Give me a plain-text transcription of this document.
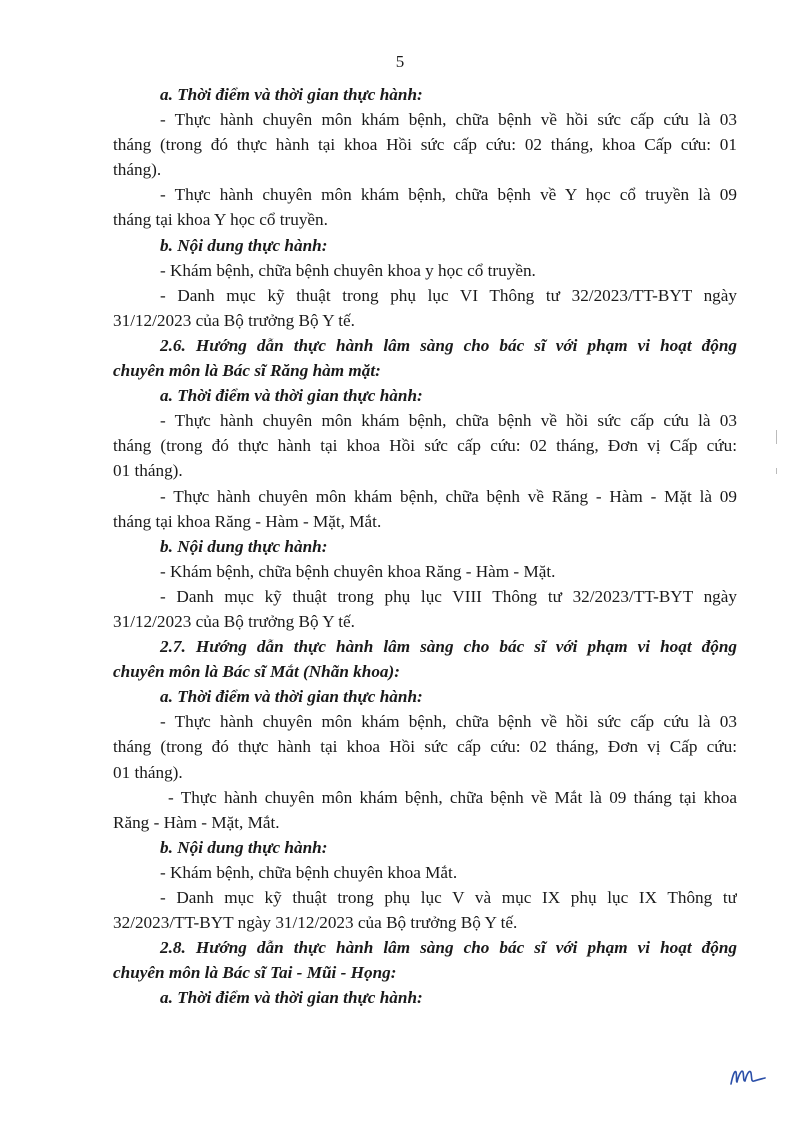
5
a. Thời điểm và thời gian thực hành:
- Thực hành chuyên môn khám bệnh, chữa bệnh về hồi sức cấp cứu là 03
tháng (trong đó thực hành tại khoa Hồi sức cấp cứu: 02 tháng, khoa Cấp cứu: 01
tháng).
- Thực hành chuyên môn khám bệnh, chữa bệnh về Y học cổ truyền là 09
tháng tại khoa Y học cổ truyền.
b. Nội dung thực hành:
- Khám bệnh, chữa bệnh chuyên khoa y học cổ truyền.
- Danh mục kỹ thuật trong phụ lục VI Thông tư 32/2023/TT-BYT ngày
31/12/2023 của Bộ trưởng Bộ Y tế.
2.6. Hướng dẫn thực hành lâm sàng cho bác sĩ với phạm vi hoạt động
chuyên môn là Bác sĩ Răng hàm mặt:
a. Thời điểm và thời gian thực hành:
- Thực hành chuyên môn khám bệnh, chữa bệnh về hồi sức cấp cứu là 03
tháng (trong đó thực hành tại khoa Hồi sức cấp cứu: 02 tháng, Đơn vị Cấp cứu:
01 tháng).
- Thực hành chuyên môn khám bệnh, chữa bệnh về Răng - Hàm - Mặt là 09
tháng tại khoa Răng - Hàm - Mặt, Mắt.
b. Nội dung thực hành:
- Khám bệnh, chữa bệnh chuyên khoa Răng - Hàm - Mặt.
- Danh mục kỹ thuật trong phụ lục VIII Thông tư 32/2023/TT-BYT ngày
31/12/2023 của Bộ trưởng Bộ Y tế.
2.7. Hướng dẫn thực hành lâm sàng cho bác sĩ với phạm vi hoạt động
chuyên môn là Bác sĩ Mắt (Nhãn khoa):
a. Thời điểm và thời gian thực hành:
- Thực hành chuyên môn khám bệnh, chữa bệnh về hồi sức cấp cứu là 03
tháng (trong đó thực hành tại khoa Hồi sức cấp cứu: 02 tháng, Đơn vị Cấp cứu:
01 tháng).
- Thực hành chuyên môn khám bệnh, chữa bệnh về Mắt là 09 tháng tại khoa
Răng - Hàm - Mặt, Mắt.
b. Nội dung thực hành:
- Khám bệnh, chữa bệnh chuyên khoa Mắt.
- Danh mục kỹ thuật trong phụ lục V và mục IX phụ lục IX Thông tư
32/2023/TT-BYT ngày 31/12/2023 của Bộ trưởng Bộ Y tế.
2.8. Hướng dẫn thực hành lâm sàng cho bác sĩ với phạm vi hoạt động
chuyên môn là Bác sĩ Tai - Mũi - Họng:
a. Thời điểm và thời gian thực hành:
